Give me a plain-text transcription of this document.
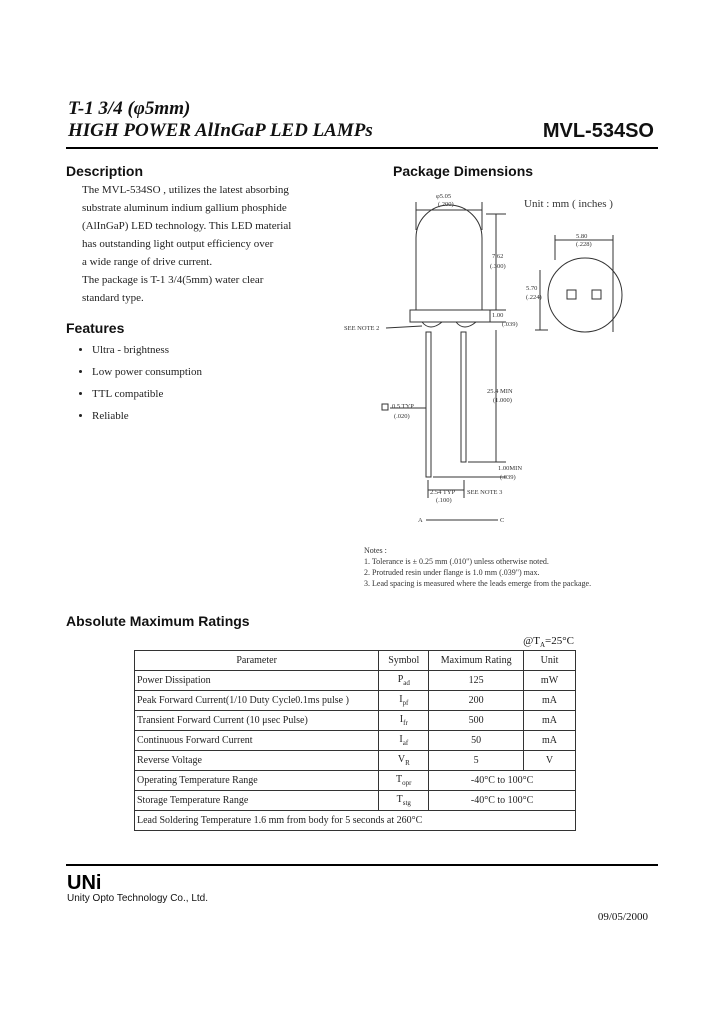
T-1 3/4 (φ5mm)
HIGH POWER AlInGaP LED LAMPs	MVL-534SO
Description

The MVL-534SO , utilizes the latest absorbing

substrate aluminum indium gallium phosphide

(AlInGaP) LED technology. This LED material

has outstanding light output efficiency over

a wide range of drive current.

The package is T-1 3/4(5mm) water clear

standard type.

Features
• Ultra - brightness
• Low power consumption
• TTL compatible
• Reliable
Package Dimensions
φ5.05
(.200)
7.62
(.300)
1.00
(.039)
25.4 MIN
(1.000)
0.5 TYP
(.020)
1.00MIN
(.039)
2.54 TYP
(.100)
SEE NOTE 2
SEE NOTE 3
A	C
5.80
(.228)
5.70
(.224)
Unit : mm ( inches )
Notes :
1. Tolerance is ± 0.25 mm (.010") unless otherwise noted.
2. Protruded resin under flange is 1.0 mm (.039") max.
3. Lead spacing is measured where the leads emerge from the package.
Absolute Maximum Ratings
$@T_A=25^\circ C$
Parameter	Symbol	Maximum Rating	Unit
Power Dissipation	$P_{ad}$	125	mW
Peak Forward Current(1/10 Duty Cycle0.1ms pulse )	$I_{pf}$	200	mA
Transient Forward Current (10 μsec Pulse)	$I_{fr}$	500	mA
Continuous Forward Current	$I_{af}$	50	mA
Reverse Voltage	$V_R$	5	V
Operating Temperature Range	$T_{opr}$	-40°C to 100°C	
Storage Temperature Range	$T_{stg}$	-40°C to 100°C	
Lead Soldering Temperature 1.6 mm from body for 5 seconds at 260°C			
UNi
Unity Opto Technology Co., Ltd.
09/05/2000
